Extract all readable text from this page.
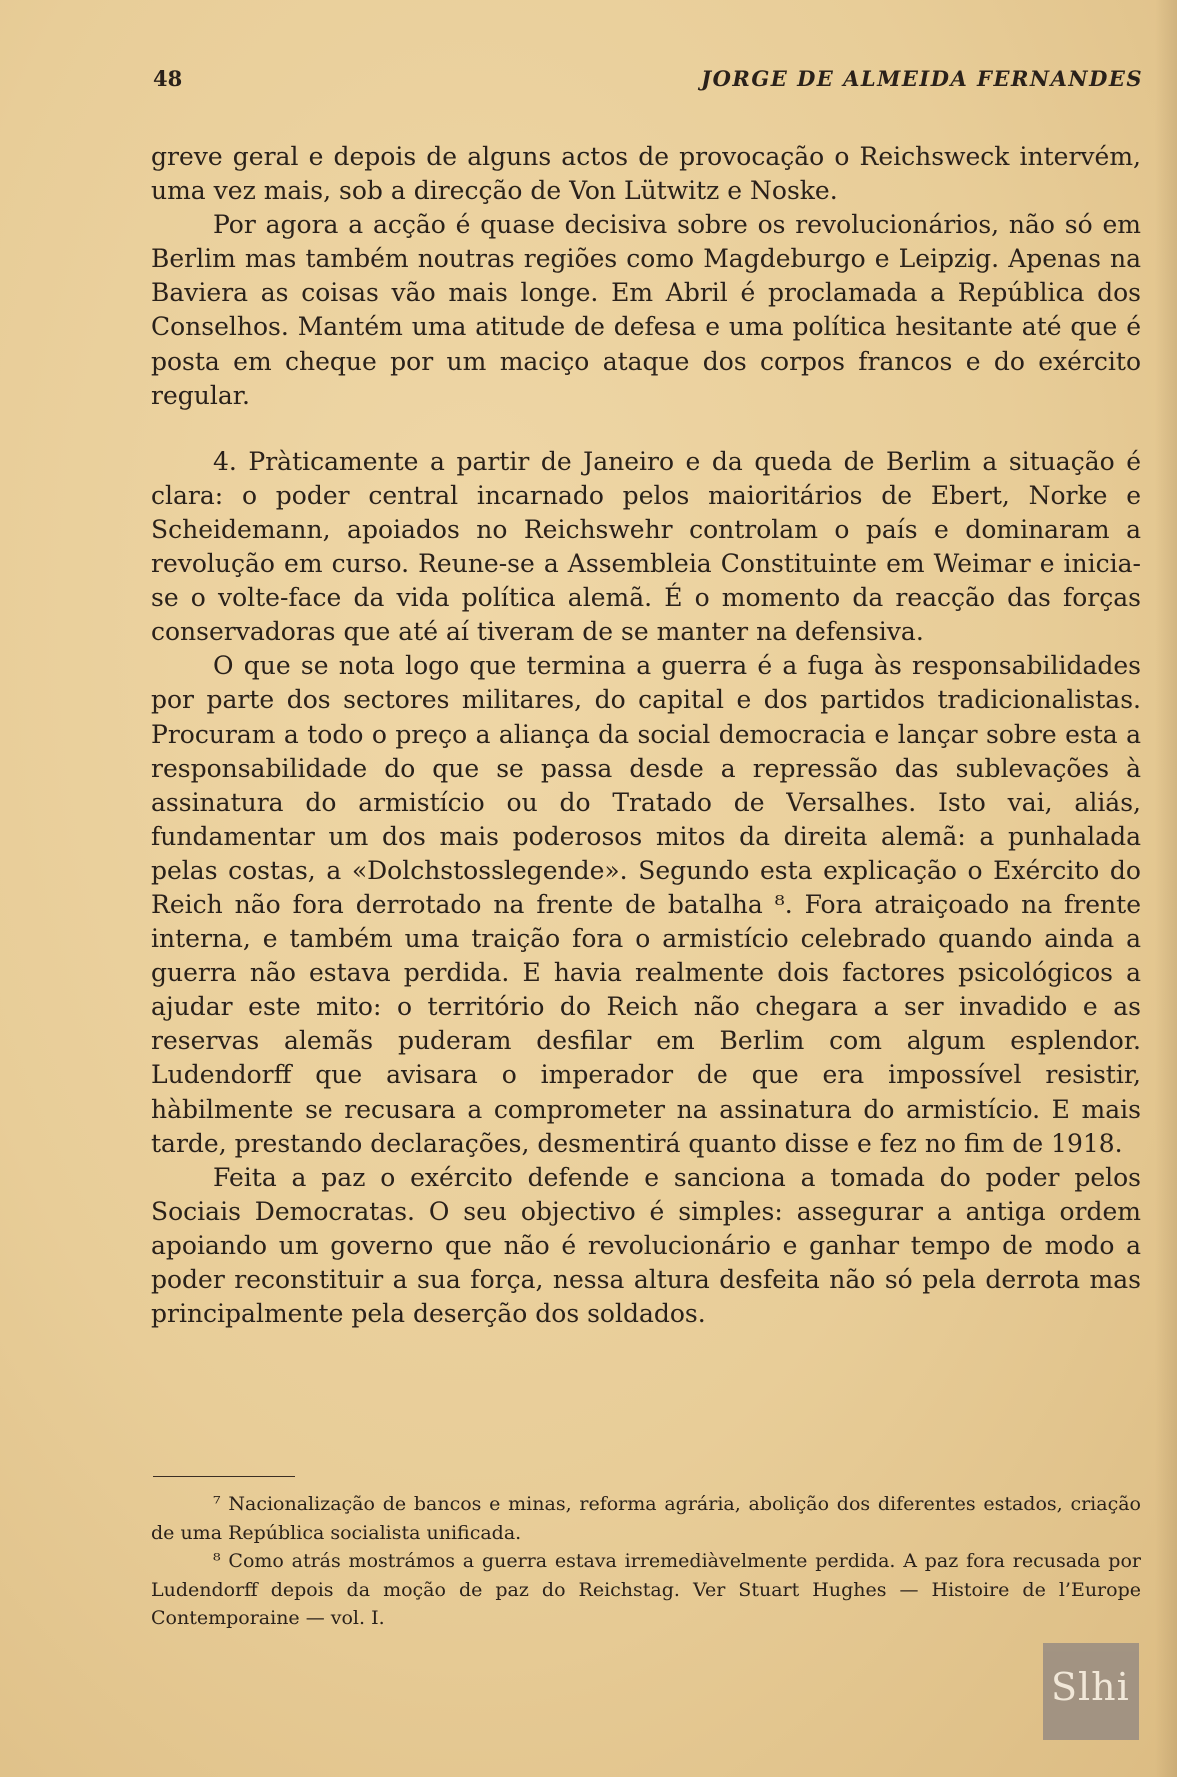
48	JORGE DE ALMEIDA FERNANDES

greve geral e depois de alguns actos de provocação o Reichsweck intervém, uma vez mais, sob a direcção de Von Lütwitz e Noske.

Por agora a acção é quase decisiva sobre os revolucionários, não só em Berlim mas também noutras regiões como Magdeburgo e Leipzig. Apenas na Baviera as coisas vão mais longe. Em Abril é proclamada a República dos Conselhos. Mantém uma atitude de defesa e uma política hesitante até que é posta em cheque por um maciço ataque dos corpos francos e do exército regular.

4. Pràticamente a partir de Janeiro e da queda de Berlim a situação é clara: o poder central incarnado pelos maioritários de Ebert, Norke e Scheidemann, apoiados no Reichswehr controlam o país e dominaram a revolução em curso. Reune-se a Assembleia Constituinte em Weimar e inicia-se o volte-face da vida política alemã. É o momento da reacção das forças conservadoras que até aí tiveram de se manter na defensiva.

O que se nota logo que termina a guerra é a fuga às responsabilidades por parte dos sectores militares, do capital e dos partidos tradicionalistas. Procuram a todo o preço a aliança da social democracia e lançar sobre esta a responsabilidade do que se passa desde a repressão das sublevações à assinatura do armistício ou do Tratado de Versalhes. Isto vai, aliás, fundamentar um dos mais poderosos mitos da direita alemã: a punhalada pelas costas, a «Dolchstosslegende». Segundo esta explicação o Exército do Reich não fora derrotado na frente de batalha ⁸. Fora atraiçoado na frente interna, e também uma traição fora o armistício celebrado quando ainda a guerra não estava perdida. E havia realmente dois factores psicológicos a ajudar este mito: o território do Reich não chegara a ser invadido e as reservas alemãs puderam desfilar em Berlim com algum esplendor. Ludendorff que avisara o imperador de que era impossível resistir, hàbilmente se recusara a comprometer na assinatura do armistício. E mais tarde, prestando declarações, desmentirá quanto disse e fez no fim de 1918.

Feita a paz o exército defende e sanciona a tomada do poder pelos Sociais Democratas. O seu objectivo é simples: assegurar a antiga ordem apoiando um governo que não é revolucionário e ganhar tempo de modo a poder reconstituir a sua força, nessa altura desfeita não só pela derrota mas principalmente pela deserção dos soldados.

⁷ Nacionalização de bancos e minas, reforma agrária, abolição dos diferentes estados, criação de uma República socialista unificada.

⁸ Como atrás mostrámos a guerra estava irremediàvelmente perdida. A paz fora recusada por Ludendorff depois da moção de paz do Reichstag. Ver Stuart Hughes — Histoire de l’Europe Contemporaine — vol. I.

Slhi
